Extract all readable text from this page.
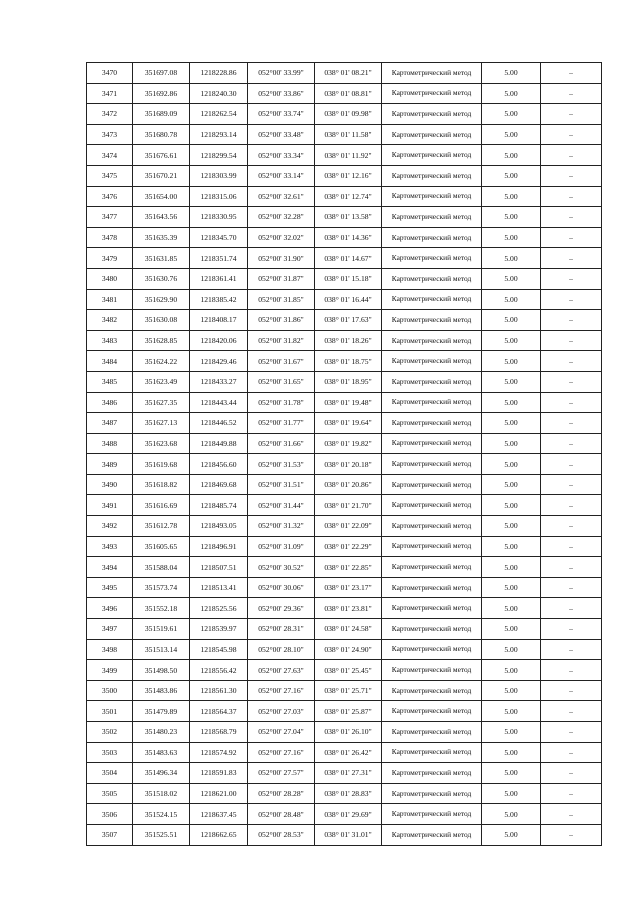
3470	351697.08	1218228.86	052°00' 33.99"	038° 01' 08.21"	Картометрический метод	5.00	–
3471	351692.86	1218240.30	052°00' 33.86"	038° 01' 08.81"	Картометрический метод	5.00	–
3472	351689.09	1218262.54	052°00' 33.74"	038° 01' 09.98"	Картометрический метод	5.00	–
3473	351680.78	1218293.14	052°00' 33.48"	038° 01' 11.58"	Картометрический метод	5.00	–
3474	351676.61	1218299.54	052°00' 33.34"	038° 01' 11.92"	Картометрический метод	5.00	–
3475	351670.21	1218303.99	052°00' 33.14"	038° 01' 12.16"	Картометрический метод	5.00	–
3476	351654.00	1218315.06	052°00' 32.61"	038° 01' 12.74"	Картометрический метод	5.00	–
3477	351643.56	1218330.95	052°00' 32.28"	038° 01' 13.58"	Картометрический метод	5.00	–
3478	351635.39	1218345.70	052°00' 32.02"	038° 01' 14.36"	Картометрический метод	5.00	–
3479	351631.85	1218351.74	052°00' 31.90"	038° 01' 14.67"	Картометрический метод	5.00	–
3480	351630.76	1218361.41	052°00' 31.87"	038° 01' 15.18"	Картометрический метод	5.00	–
3481	351629.90	1218385.42	052°00' 31.85"	038° 01' 16.44"	Картометрический метод	5.00	–
3482	351630.08	1218408.17	052°00' 31.86"	038° 01' 17.63"	Картометрический метод	5.00	–
3483	351628.85	1218420.06	052°00' 31.82"	038° 01' 18.26"	Картометрический метод	5.00	–
3484	351624.22	1218429.46	052°00' 31.67"	038° 01' 18.75"	Картометрический метод	5.00	–
3485	351623.49	1218433.27	052°00' 31.65"	038° 01' 18.95"	Картометрический метод	5.00	–
3486	351627.35	1218443.44	052°00' 31.78"	038° 01' 19.48"	Картометрический метод	5.00	–
3487	351627.13	1218446.52	052°00' 31.77"	038° 01' 19.64"	Картометрический метод	5.00	–
3488	351623.68	1218449.88	052°00' 31.66"	038° 01' 19.82"	Картометрический метод	5.00	–
3489	351619.68	1218456.60	052°00' 31.53"	038° 01' 20.18"	Картометрический метод	5.00	–
3490	351618.82	1218469.68	052°00' 31.51"	038° 01' 20.86"	Картометрический метод	5.00	–
3491	351616.69	1218485.74	052°00' 31.44"	038° 01' 21.70"	Картометрический метод	5.00	–
3492	351612.78	1218493.05	052°00' 31.32"	038° 01' 22.09"	Картометрический метод	5.00	–
3493	351605.65	1218496.91	052°00' 31.09"	038° 01' 22.29"	Картометрический метод	5.00	–
3494	351588.04	1218507.51	052°00' 30.52"	038° 01' 22.85"	Картометрический метод	5.00	–
3495	351573.74	1218513.41	052°00' 30.06"	038° 01' 23.17"	Картометрический метод	5.00	–
3496	351552.18	1218525.56	052°00' 29.36"	038° 01' 23.81"	Картометрический метод	5.00	–
3497	351519.61	1218539.97	052°00' 28.31"	038° 01' 24.58"	Картометрический метод	5.00	–
3498	351513.14	1218545.98	052°00' 28.10"	038° 01' 24.90"	Картометрический метод	5.00	–
3499	351498.50	1218556.42	052°00' 27.63"	038° 01' 25.45"	Картометрический метод	5.00	–
3500	351483.86	1218561.30	052°00' 27.16"	038° 01' 25.71"	Картометрический метод	5.00	–
3501	351479.89	1218564.37	052°00' 27.03"	038° 01' 25.87"	Картометрический метод	5.00	–
3502	351480.23	1218568.79	052°00' 27.04"	038° 01' 26.10"	Картометрический метод	5.00	–
3503	351483.63	1218574.92	052°00' 27.16"	038° 01' 26.42"	Картометрический метод	5.00	–
3504	351496.34	1218591.83	052°00' 27.57"	038° 01' 27.31"	Картометрический метод	5.00	–
3505	351518.02	1218621.00	052°00' 28.28"	038° 01' 28.83"	Картометрический метод	5.00	–
3506	351524.15	1218637.45	052°00' 28.48"	038° 01' 29.69"	Картометрический метод	5.00	–
3507	351525.51	1218662.65	052°00' 28.53"	038° 01' 31.01"	Картометрический метод	5.00	–
